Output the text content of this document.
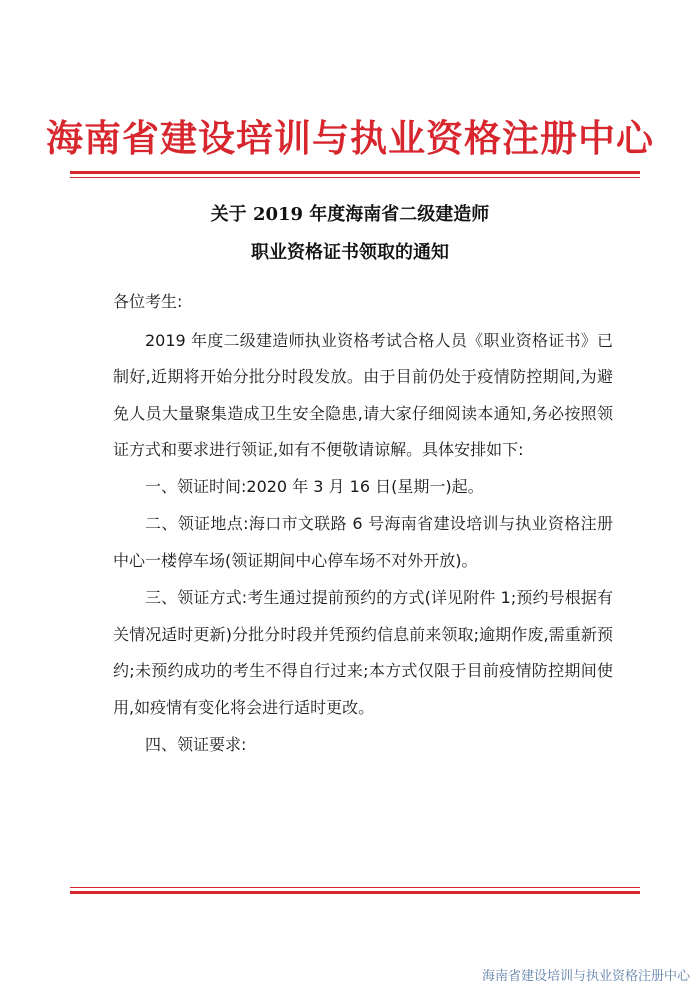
海南省建设培训与执业资格注册中心
关于 2019 年度海南省二级建造师
职业资格证书领取的通知

各位考生:

2019 年度二级建造师执业资格考试合格人员《职业资格证书》已制好,近期将开始分批分时段发放。由于目前仍处于疫情防控期间,为避免人员大量聚集造成卫生安全隐患,请大家仔细阅读本通知,务必按照领证方式和要求进行领证,如有不便敬请谅解。具体安排如下:

一、领证时间:2020 年 3 月 16 日(星期一)起。

二、领证地点:海口市文联路 6 号海南省建设培训与执业资格注册中心一楼停车场(领证期间中心停车场不对外开放)。

三、领证方式:考生通过提前预约的方式(详见附件 1;预约号根据有关情况适时更新)分批分时段并凭预约信息前来领取;逾期作废,需重新预约;未预约成功的考生不得自行过来;本方式仅限于目前疫情防控期间使用,如疫情有变化将会进行适时更改。

四、领证要求:

海南省建设培训与执业资格注册中心
